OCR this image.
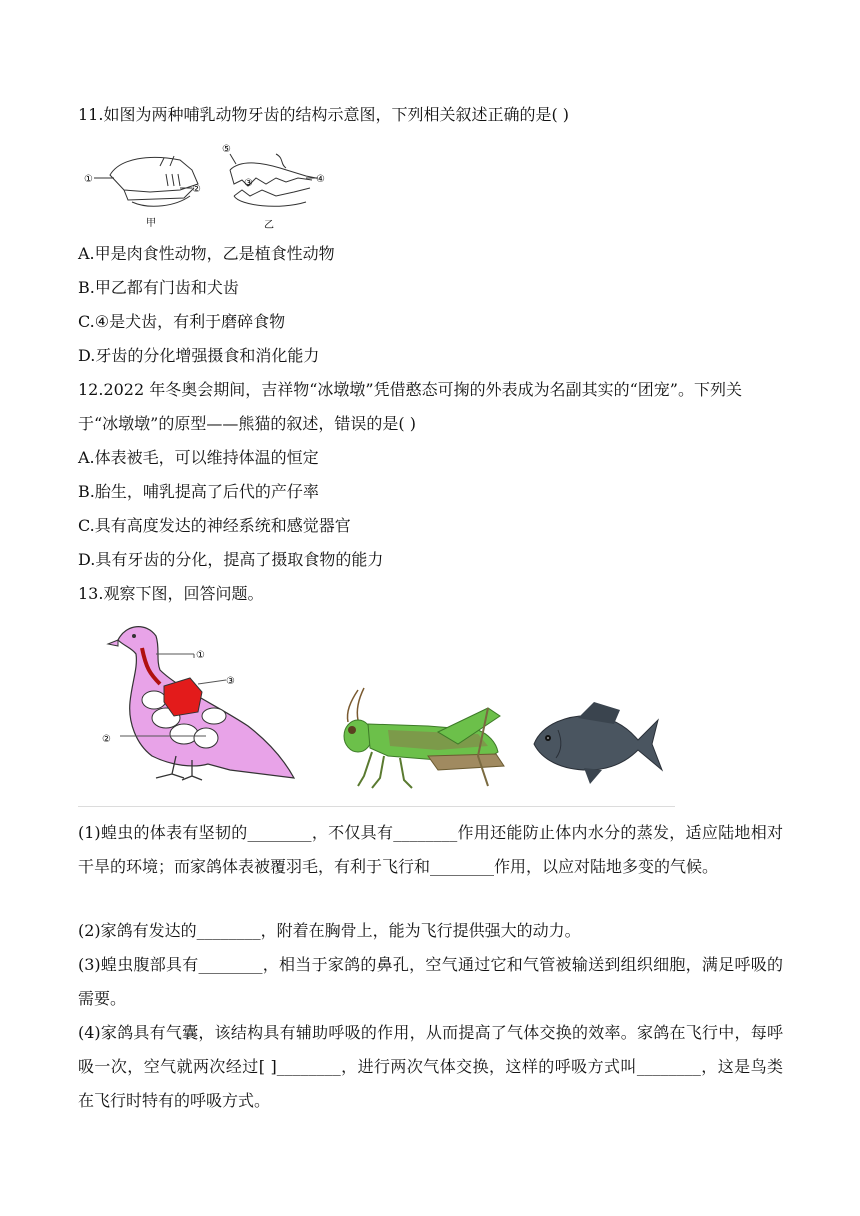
11.如图为两种哺乳动物牙齿的结构示意图，下列相关叙述正确的是( )
①
②
甲
⑤
③	④
乙
A.甲是肉食性动物，乙是植食性动物
B.甲乙都有门齿和犬齿
C.④是犬齿，有利于磨碎食物
D.牙齿的分化增强摄食和消化能力
12.2022 年冬奥会期间，吉祥物“冰墩墩”凭借憨态可掬的外表成为名副其实的“团宠”。下列关
于“冰墩墩”的原型——熊猫的叙述，错误的是( )
A.体表被毛，可以维持体温的恒定
B.胎生，哺乳提高了后代的产仔率
C.具有高度发达的神经系统和感觉器官
D.具有牙齿的分化，提高了摄取食物的能力
13.观察下图，回答问题。
①
③
②
(1)蝗虫的体表有坚韧的________，不仅具有________作用还能防止体内水分的蒸发，适应陆地相对干旱的环境；而家鸽体表被覆羽毛，有利于飞行和________作用，以应对陆地多变的气候。
(2)家鸽有发达的________，附着在胸骨上，能为飞行提供强大的动力。
(3)蝗虫腹部具有________，相当于家鸽的鼻孔，空气通过它和气管被输送到组织细胞，满足呼吸的需要。
(4)家鸽具有气囊，该结构具有辅助呼吸的作用，从而提高了气体交换的效率。家鸽在飞行中，每呼吸一次，空气就两次经过[ ]________，进行两次气体交换，这样的呼吸方式叫________，这是鸟类在飞行时特有的呼吸方式。
